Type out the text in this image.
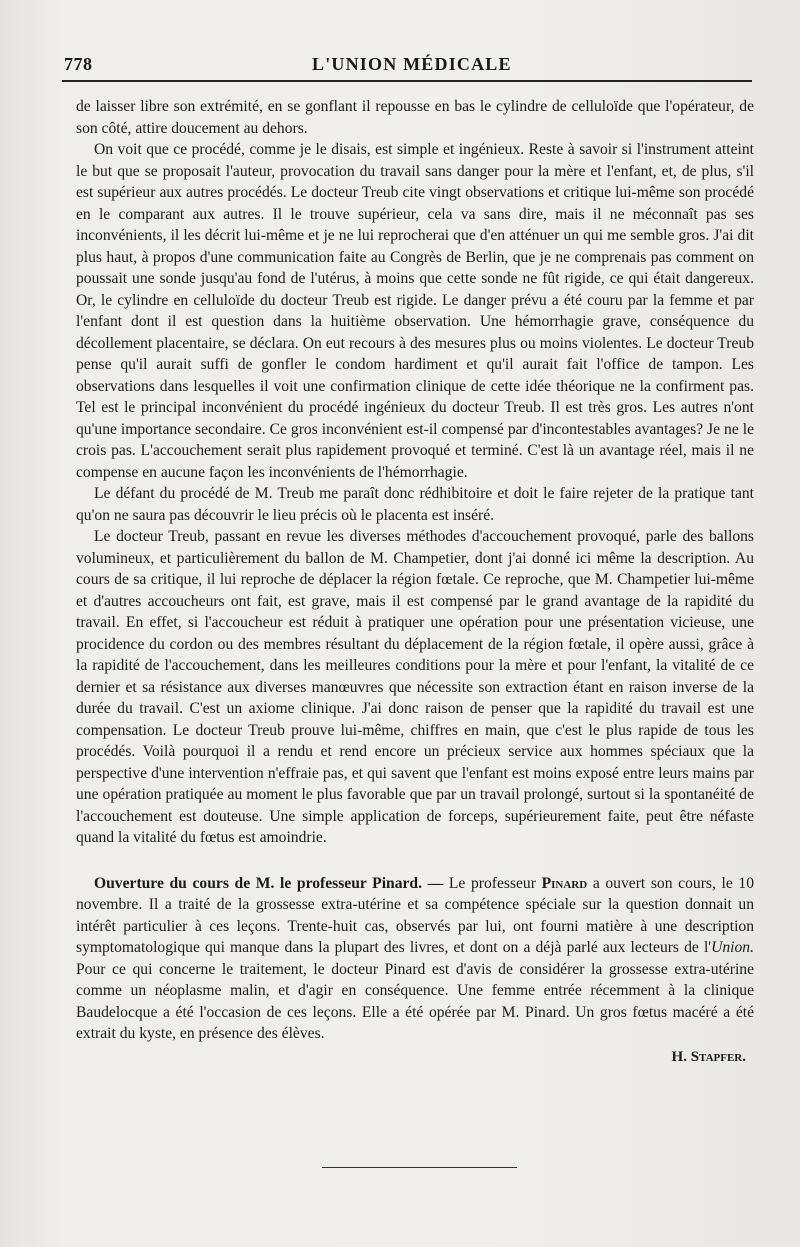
778	L'UNION MÉDICALE

de laisser libre son extrémité, en se gonflant il repousse en bas le cylindre de celluloïde que l'opérateur, de son côté, attire doucement au dehors.

On voit que ce procédé, comme je le disais, est simple et ingénieux. Reste à savoir si l'instrument atteint le but que se proposait l'auteur, provocation du travail sans danger pour la mère et l'enfant, et, de plus, s'il est supérieur aux autres procédés. Le docteur Treub cite vingt observations et critique lui-même son procédé en le comparant aux autres. Il le trouve supérieur, cela va sans dire, mais il ne méconnaît pas ses inconvénients, il les décrit lui-même et je ne lui reprocherai que d'en atténuer un qui me semble gros. J'ai dit plus haut, à propos d'une communication faite au Congrès de Berlin, que je ne comprenais pas comment on poussait une sonde jusqu'au fond de l'utérus, à moins que cette sonde ne fût rigide, ce qui était dangereux. Or, le cylindre en celluloïde du docteur Treub est rigide. Le danger prévu a été couru par la femme et par l'enfant dont il est question dans la huitième observation. Une hémorrhagie grave, conséquence du décollement placentaire, se déclara. On eut recours à des mesures plus ou moins violentes. Le docteur Treub pense qu'il aurait suffi de gonfler le condom hardiment et qu'il aurait fait l'office de tampon. Les observations dans lesquelles il voit une confirmation clinique de cette idée théorique ne la confirment pas. Tel est le principal inconvénient du procédé ingénieux du docteur Treub. Il est très gros. Les autres n'ont qu'une importance secondaire. Ce gros inconvénient est-il compensé par d'incontestables avantages? Je ne le crois pas. L'accouchement serait plus rapidement provoqué et terminé. C'est là un avantage réel, mais il ne compense en aucune façon les inconvénients de l'hémorrhagie.

Le défant du procédé de M. Treub me paraît donc rédhibitoire et doit le faire rejeter de la pratique tant qu'on ne saura pas découvrir le lieu précis où le placenta est inséré.

Le docteur Treub, passant en revue les diverses méthodes d'accouchement provoqué, parle des ballons volumineux, et particulièrement du ballon de M. Champetier, dont j'ai donné ici même la description. Au cours de sa critique, il lui reproche de déplacer la région fœtale. Ce reproche, que M. Champetier lui-même et d'autres accoucheurs ont fait, est grave, mais il est compensé par le grand avantage de la rapidité du travail. En effet, si l'accoucheur est réduit à pratiquer une opération pour une présentation vicieuse, une procidence du cordon ou des membres résultant du déplacement de la région fœtale, il opère aussi, grâce à la rapidité de l'accouchement, dans les meilleures conditions pour la mère et pour l'enfant, la vitalité de ce dernier et sa résistance aux diverses manœuvres que nécessite son extraction étant en raison inverse de la durée du travail. C'est un axiome clinique. J'ai donc raison de penser que la rapidité du travail est une compensation. Le docteur Treub prouve lui-même, chiffres en main, que c'est le plus rapide de tous les procédés. Voilà pourquoi il a rendu et rend encore un précieux service aux hommes spéciaux que la perspective d'une intervention n'effraie pas, et qui savent que l'enfant est moins exposé entre leurs mains par une opération pratiquée au moment le plus favorable que par un travail prolongé, surtout si la spontanéité de l'accouchement est douteuse. Une simple application de forceps, supérieurement faite, peut être néfaste quand la vitalité du fœtus est amoindrie.

Ouverture du cours de M. le professeur Pinard. — Le professeur Pinard a ouvert son cours, le 10 novembre. Il a traité de la grossesse extra-utérine et sa compétence spéciale sur la question donnait un intérêt particulier à ces leçons. Trente-huit cas, observés par lui, ont fourni matière à une description symptomatologique qui manque dans la plupart des livres, et dont on a déjà parlé aux lecteurs de l'Union. Pour ce qui concerne le traitement, le docteur Pinard est d'avis de considérer la grossesse extra-utérine comme un néoplasme malin, et d'agir en conséquence. Une femme entrée récemment à la clinique Baudelocque a été l'occasion de ces leçons. Elle a été opérée par M. Pinard. Un gros fœtus macéré a été extrait du kyste, en présence des élèves.

H. Stapfer.
